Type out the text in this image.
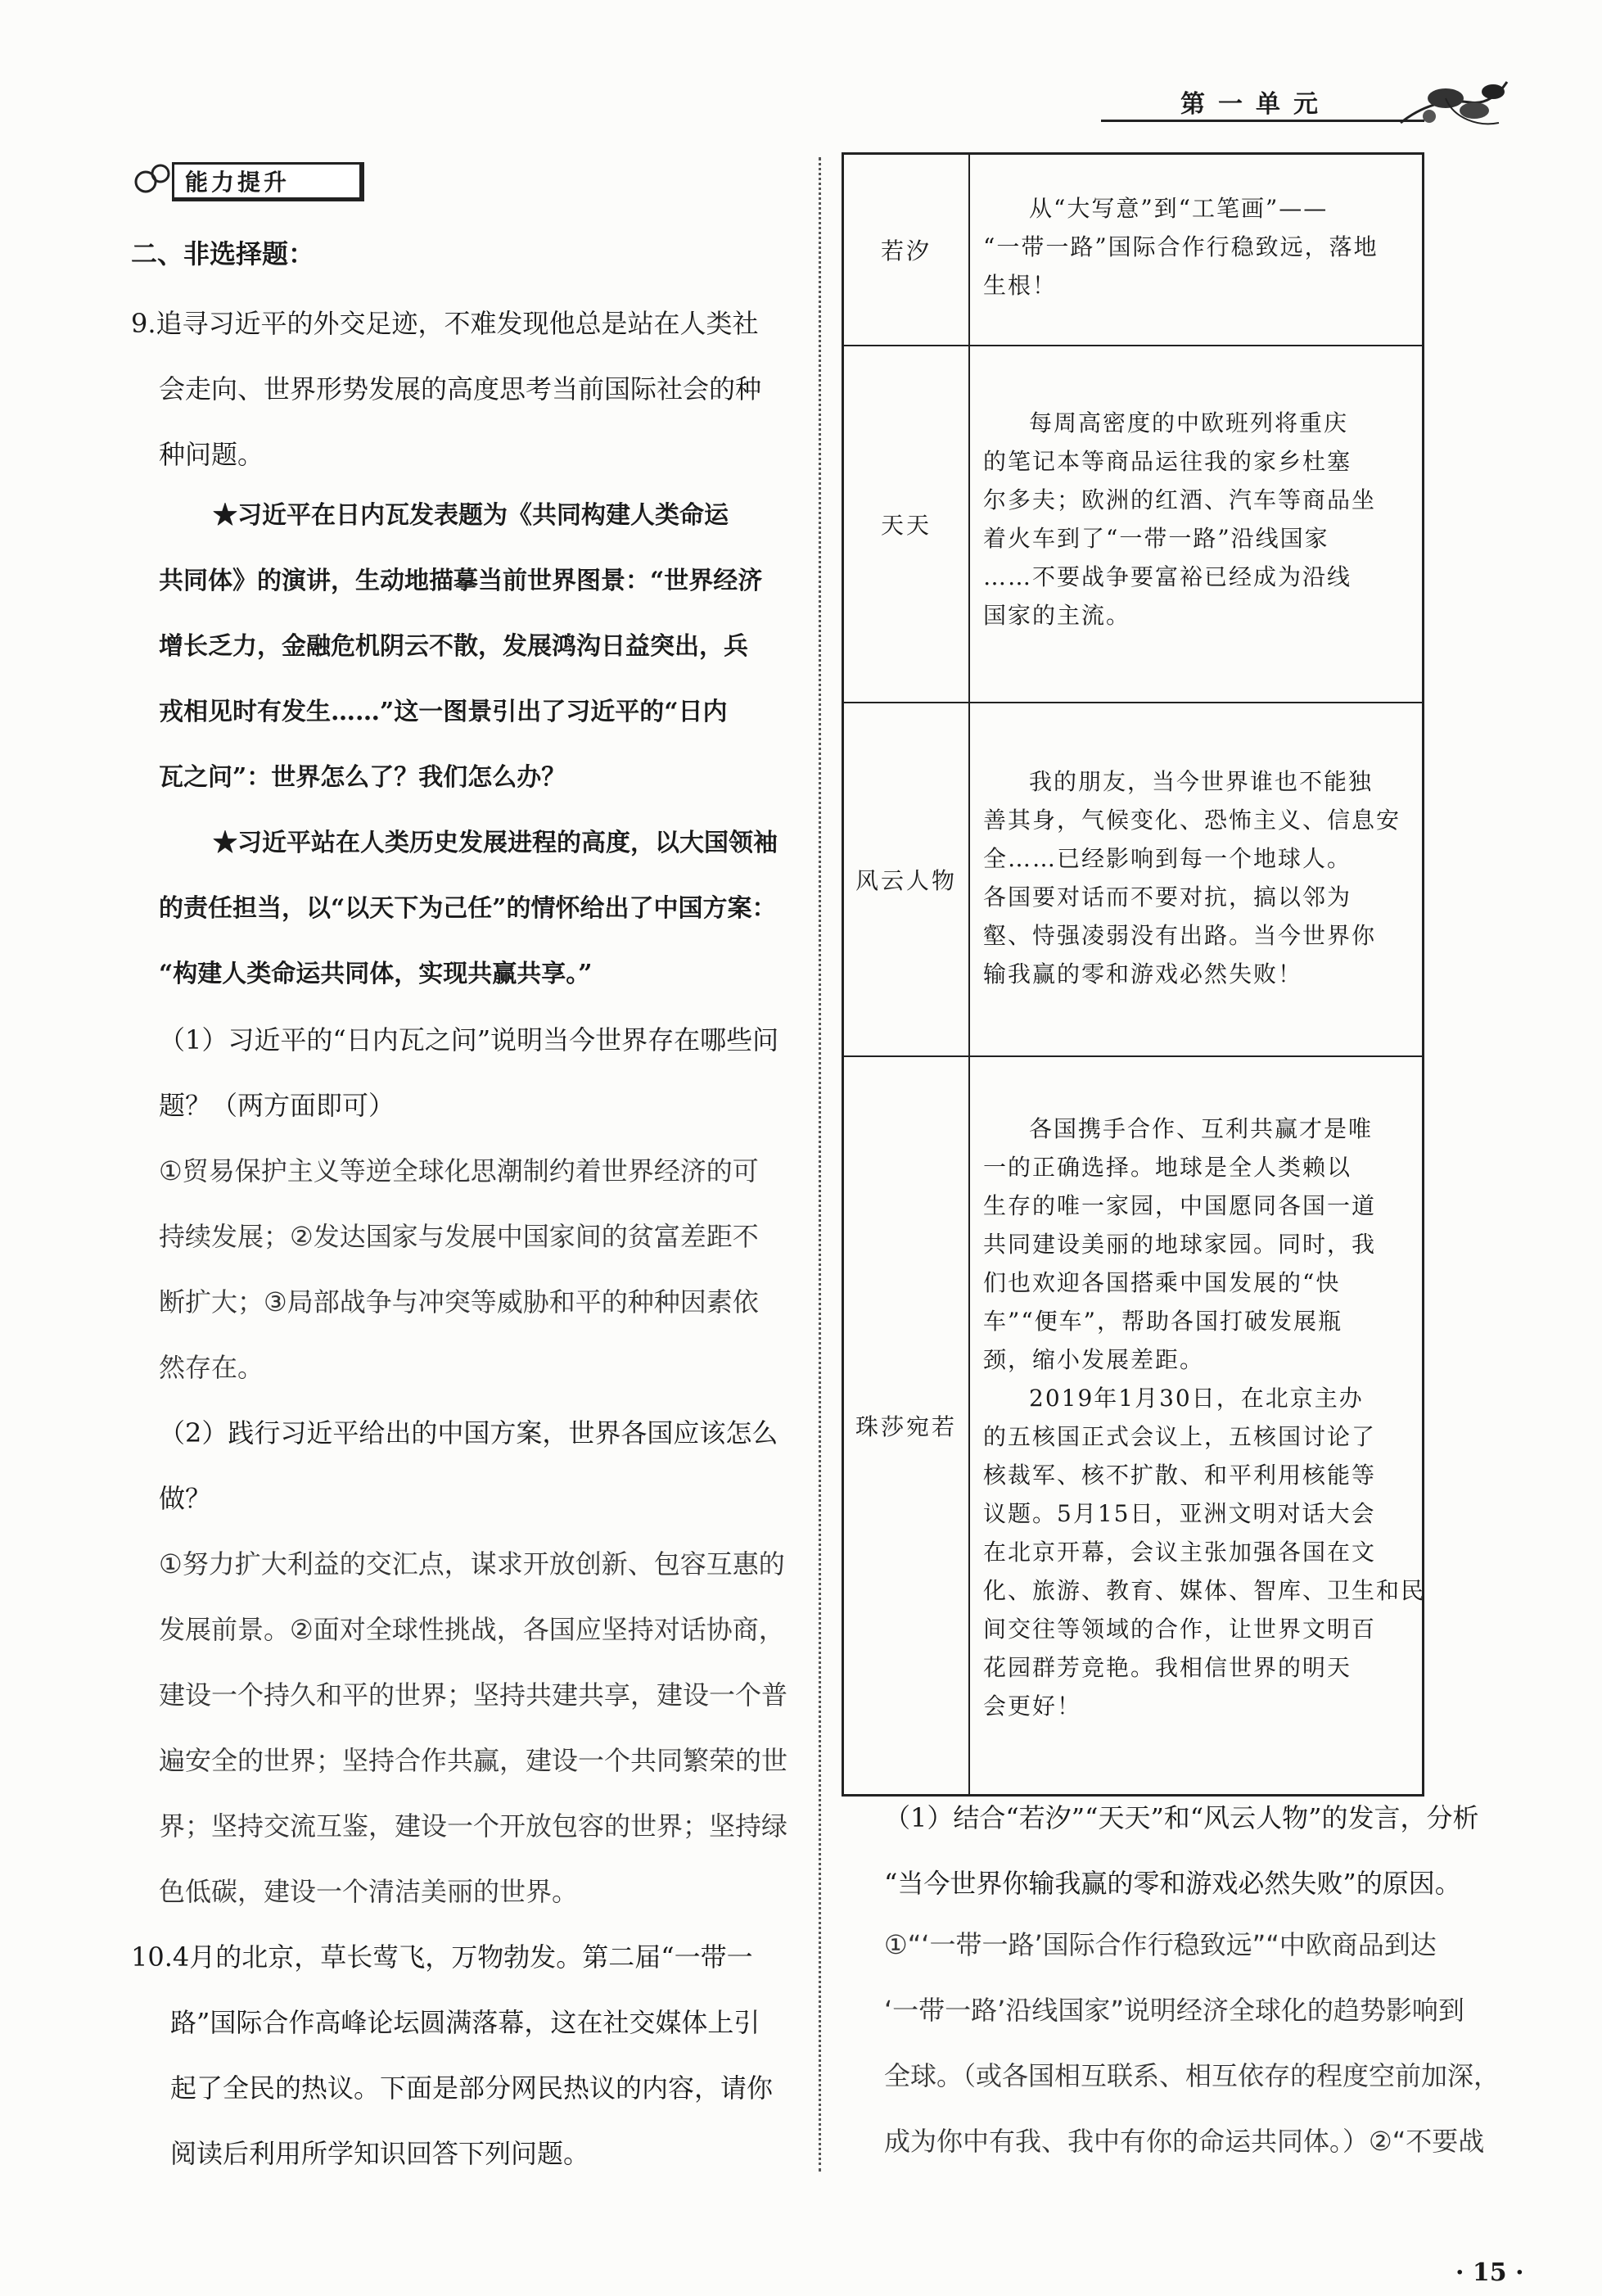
第一单元
能力提升

二、非选择题：

9.追寻习近平的外交足迹，不难发现他总是站在人类社

会走向、世界形势发展的高度思考当前国际社会的种

种问题。

★习近平在日内瓦发表题为《共同构建人类命运

共同体》的演讲，生动地描摹当前世界图景：“世界经济

增长乏力，金融危机阴云不散，发展鸿沟日益突出，兵

戎相见时有发生……”这一图景引出了习近平的“日内

瓦之问”：世界怎么了？我们怎么办？

★习近平站在人类历史发展进程的高度，以大国领袖

的责任担当，以“以天下为己任”的情怀给出了中国方案：

“构建人类命运共同体，实现共赢共享。”

（1）习近平的“日内瓦之问”说明当今世界存在哪些问

题？（两方面即可）

①贸易保护主义等逆全球化思潮制约着世界经济的可

持续发展；②发达国家与发展中国家间的贫富差距不

断扩大；③局部战争与冲突等威胁和平的种种因素依

然存在。

（2）践行习近平给出的中国方案，世界各国应该怎么

做？

①努力扩大利益的交汇点，谋求开放创新、包容互惠的

发展前景。②面对全球性挑战，各国应坚持对话协商，

建设一个持久和平的世界；坚持共建共享，建设一个普

遍安全的世界；坚持合作共赢，建设一个共同繁荣的世

界；坚持交流互鉴，建设一个开放包容的世界；坚持绿

色低碳，建设一个清洁美丽的世界。

10.4月的北京，草长莺飞，万物勃发。第二届“一带一

路”国际合作高峰论坛圆满落幕，这在社交媒体上引

起了全民的热议。下面是部分网民热议的内容，请你

阅读后利用所学知识回答下列问题。

若汐
从“大写意”到“工笔画”——
“一带一路”国际合作行稳致远，落地
生根！
天天
每周高密度的中欧班列将重庆
的笔记本等商品运往我的家乡杜塞
尔多夫；欧洲的红酒、汽车等商品坐
着火车到了“一带一路”沿线国家
……不要战争要富裕已经成为沿线
国家的主流。
风云人物
我的朋友，当今世界谁也不能独
善其身，气候变化、恐怖主义、信息安
全……已经影响到每一个地球人。
各国要对话而不要对抗，搞以邻为
壑、恃强凌弱没有出路。当今世界你
输我赢的零和游戏必然失败！
珠莎宛若
各国携手合作、互利共赢才是唯
一的正确选择。地球是全人类赖以
生存的唯一家园，中国愿同各国一道
共同建设美丽的地球家园。同时，我
们也欢迎各国搭乘中国发展的“快
车”“便车”，帮助各国打破发展瓶
颈，缩小发展差距。
2019年1月30日，在北京主办
的五核国正式会议上，五核国讨论了
核裁军、核不扩散、和平利用核能等
议题。5月15日，亚洲文明对话大会
在北京开幕，会议主张加强各国在文
化、旅游、教育、媒体、智库、卫生和民
间交往等领域的合作，让世界文明百
花园群芳竞艳。我相信世界的明天
会更好！

（1）结合“若汐”“天天”和“风云人物”的发言，分析

“当今世界你输我赢的零和游戏必然失败”的原因。

①“‘一带一路’国际合作行稳致远”“中欧商品到达

‘一带一路’沿线国家”说明经济全球化的趋势影响到

全球。（或各国相互联系、相互依存的程度空前加深，

成为你中有我、我中有你的命运共同体。）②“不要战

· 15 ·
